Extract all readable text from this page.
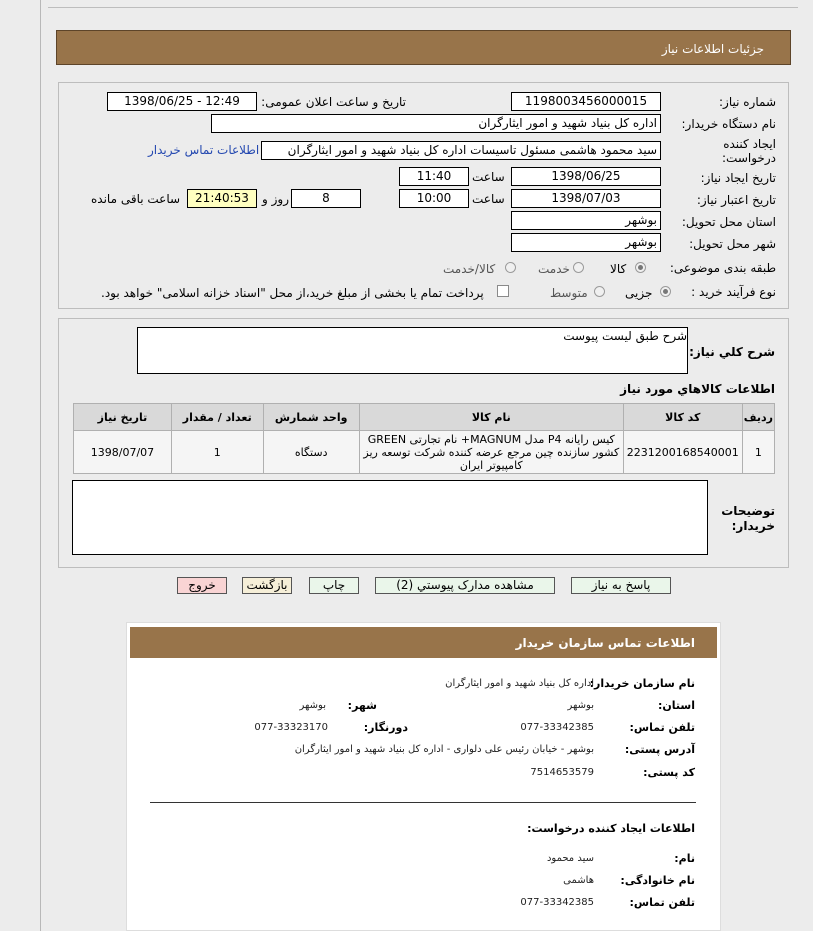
جزئیات اطلاعات نیاز
شماره نیاز:
1198003456000015
تاریخ و ساعت اعلان عمومی:
1398/06/25 - 12:49
نام دستگاه خریدار:
اداره کل بنیاد شهید و امور ایثارگران
ایجاد کننده
درخواست:
سید محمود هاشمی مسئول تاسیسات اداره کل بنیاد شهید و امور ایثارگران
اطلاعات تماس خریدار
تاریخ ایجاد نیاز:
1398/06/25
ساعت
11:40
تاریخ اعتبار نیاز:
1398/07/03
ساعت
10:00
8
روز و
21:40:53
ساعت باقی مانده
استان محل تحویل:
بوشهر
شهر محل تحویل:
بوشهر
طبقه بندی موضوعی:
کالا
خدمت
کالا/خدمت
نوع فرآیند خرید :
جزیی
متوسط
پرداخت تمام یا بخشی از مبلغ خرید،از محل "اسناد خزانه اسلامی" خواهد بود.
شرح کلي نياز:
شرح طبق لیست پیوست
اطلاعات کالاهاي مورد نياز
ردیف	کد کالا	نام کالا	واحد شمارش	تعداد / مقدار	تاریخ نیاز
1	2231200168540001	کیس رایانه P4 مدل MAGNUM+ نام تجارتی GREEN کشور سازنده چین مرجع عرضه کننده شرکت توسعه ریز کامپیوتر ایران	دستگاه	1	1398/07/07
توضیحات
خریدار:
پاسخ به نياز
مشاهده مدارک پیوستي (2)
چاپ
بازگشت
خروج
اطلاعات تماس سازمان خریدار
نام سازمان خریدار:
اداره کل بنیاد شهید و امور ایثارگران
استان:
بوشهر
شهر:
بوشهر
تلفن تماس:
077-33342385
دورنگار:
077-33323170
آدرس پستی:
بوشهر - خیابان رئیس علی دلواری - اداره کل بنیاد شهید و امور ایثارگران
کد پستی:
7514653579
اطلاعات ایجاد کننده درخواست:
نام:
سید محمود
نام خانوادگی:
هاشمی
تلفن تماس:
077-33342385
